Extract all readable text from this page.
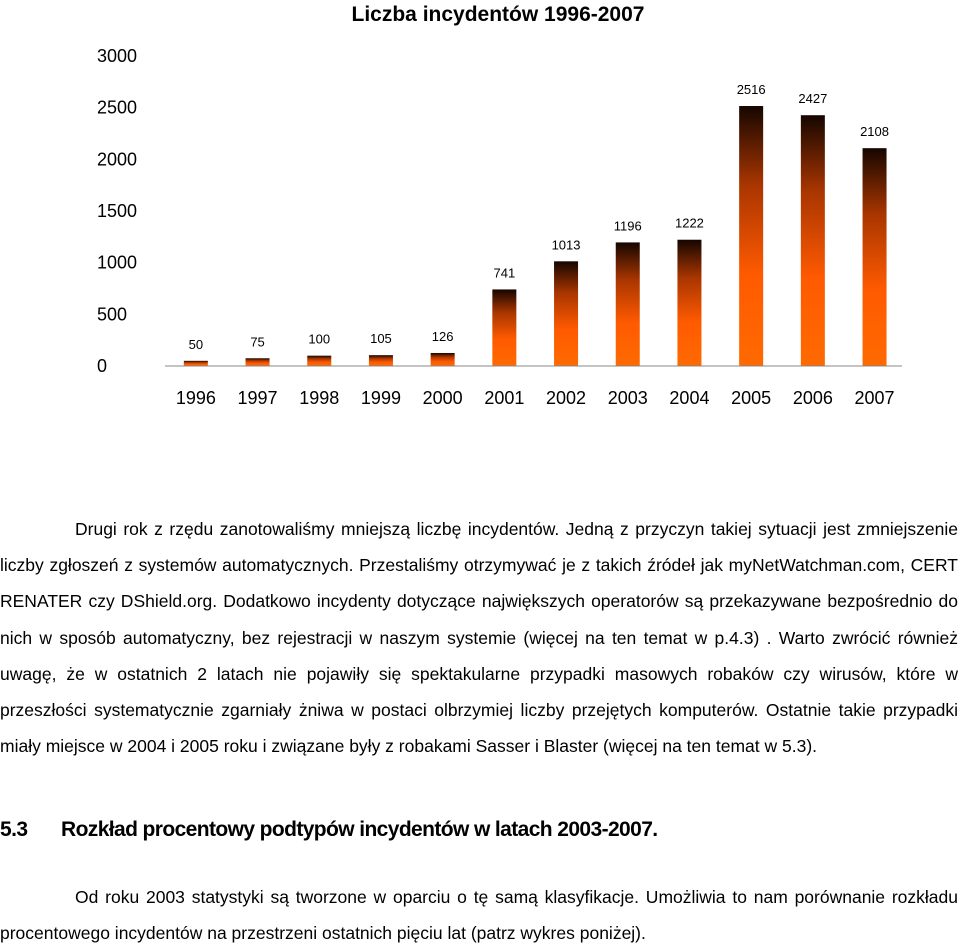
Liczba incydentów 1996-2007
0
500
1000
1500
2000
2500
3000
50	75	100	105	126
741
1013
1196	1222
2516
2427
2108
1996 1997 1998 1999 2000 2001 2002 2003 2004 2005 2006 2007
Drugi rok z rzędu zanotowaliśmy mniejszą liczbę incydentów. Jedną z przyczyn takiej sytuacji jest zmniejszenie liczby zgłoszeń z systemów automatycznych. Przestaliśmy otrzymywać je z takich źródeł jak myNetWatchman.com, CERT RENATER czy DShield.org. Dodatkowo incydenty dotyczące największych operatorów są przekazywane bezpośrednio do nich w sposób automatyczny, bez rejestracji w naszym systemie (więcej na ten temat w p.4.3) . Warto zwrócić również uwagę, że w ostatnich 2 latach nie pojawiły się spektakularne przypadki masowych robaków czy wirusów, które w przeszłości systematycznie zgarniały żniwa w postaci olbrzymiej liczby przejętych komputerów. Ostatnie takie przypadki miały miejsce w 2004 i 2005 roku i związane były z robakami Sasser i Blaster (więcej na ten temat w 5.3).
5.3 Rozkład procentowy podtypów incydentów w latach 2003-2007.
Od roku 2003 statystyki są tworzone w oparciu o tę samą klasyfikacje. Umożliwia to nam porównanie rozkładu procentowego incydentów na przestrzeni ostatnich pięciu lat (patrz wykres poniżej).
